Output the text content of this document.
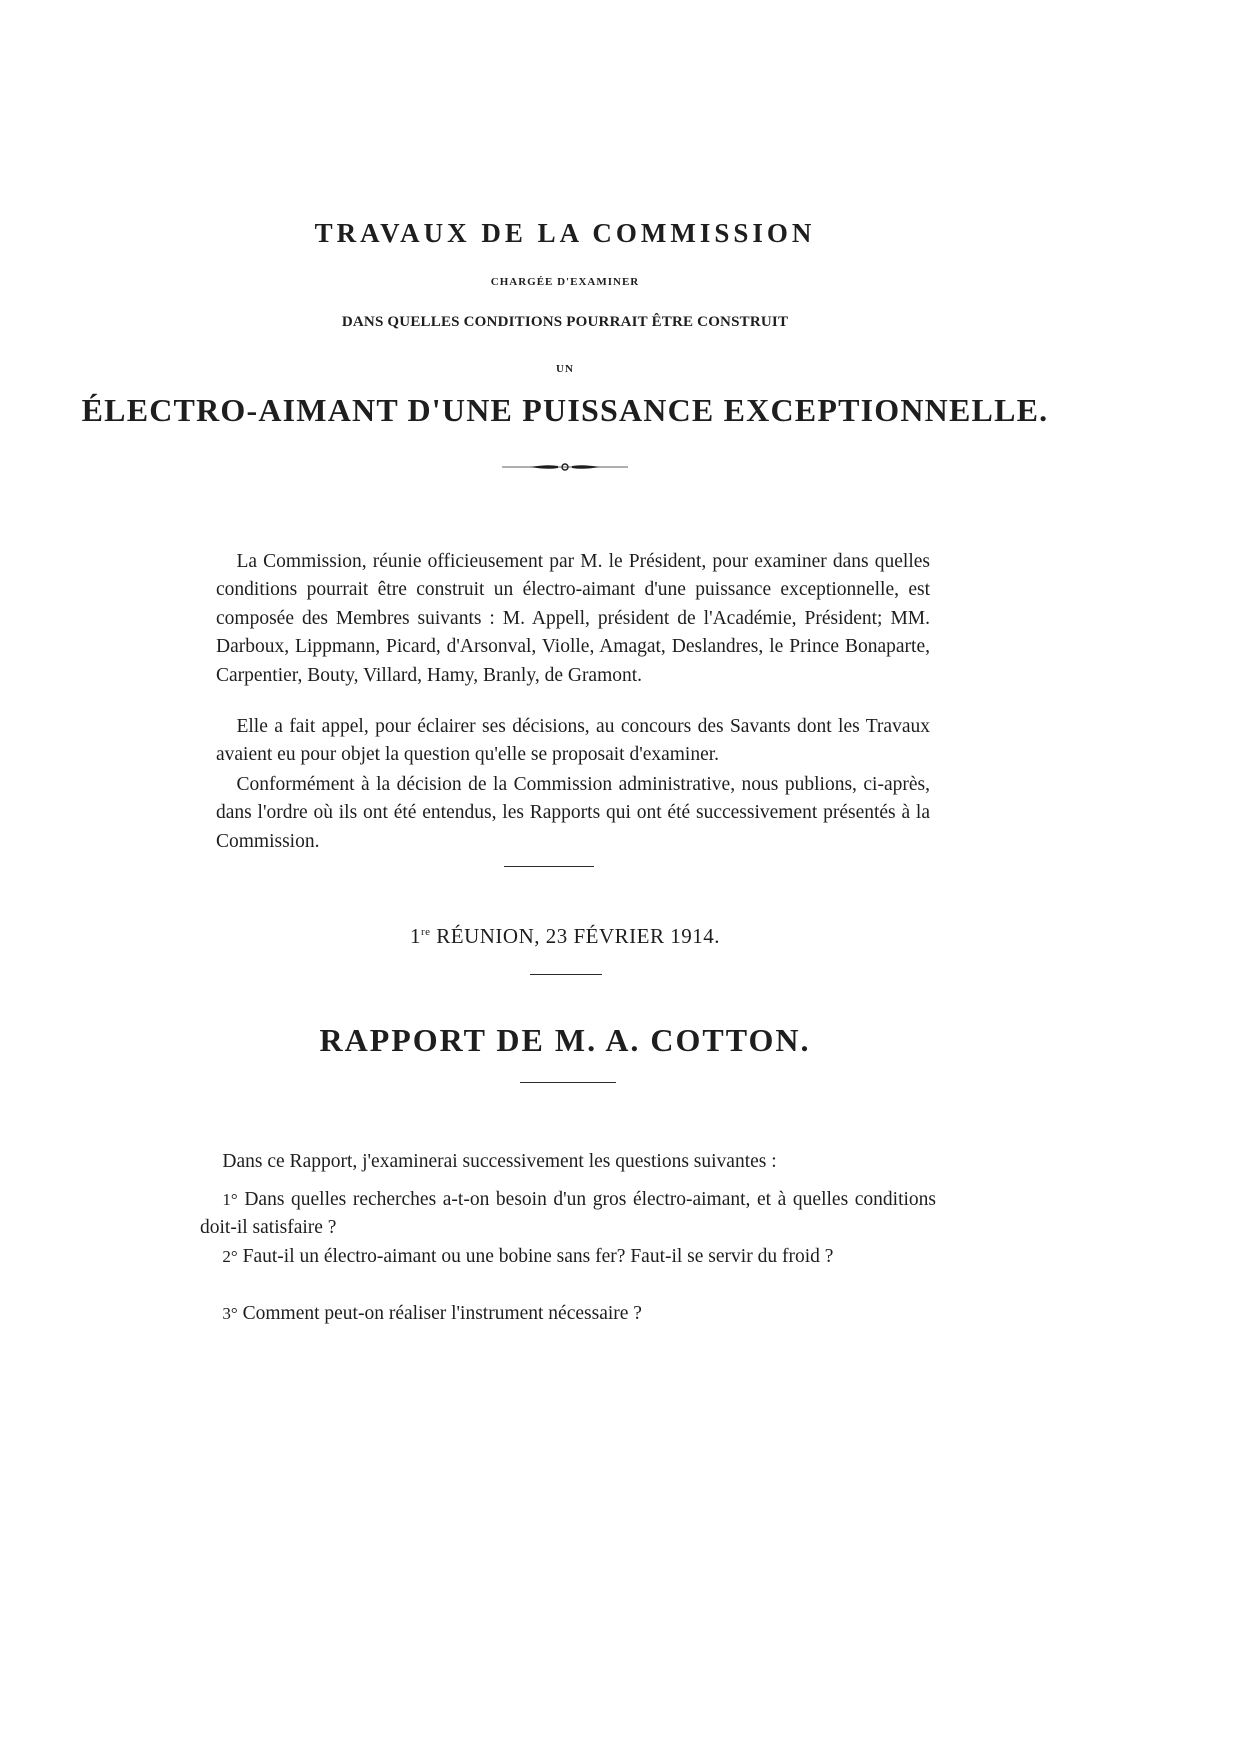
TRAVAUX DE LA COMMISSION
CHARGÉE D'EXAMINER
DANS QUELLES CONDITIONS POURRAIT ÊTRE CONSTRUIT
UN
ÉLECTRO-AIMANT D'UNE PUISSANCE EXCEPTIONNELLE.

La Commission, réunie officieusement par M. le Président, pour examiner dans quelles conditions pourrait être construit un électro-aimant d'une puissance exceptionnelle, est composée des Membres suivants : M. Appell, président de l'Académie, Président; MM. Darboux, Lippmann, Picard, d'Arsonval, Violle, Amagat, Deslandres, le Prince Bonaparte, Carpentier, Bouty, Villard, Hamy, Branly, de Gramont.

Elle a fait appel, pour éclairer ses décisions, au concours des Savants dont les Travaux avaient eu pour objet la question qu'elle se proposait d'examiner.

Conformément à la décision de la Commission administrative, nous publions, ci-après, dans l'ordre où ils ont été entendus, les Rapports qui ont été successivement présentés à la Commission.

1re RÉUNION, 23 FÉVRIER 1914.
RAPPORT DE M. A. COTTON.

Dans ce Rapport, j'examinerai successivement les questions suivantes :

1° Dans quelles recherches a-t-on besoin d'un gros électro-aimant, et à quelles conditions doit-il satisfaire ?

2° Faut-il un électro-aimant ou une bobine sans fer? Faut-il se servir du froid ?

3° Comment peut-on réaliser l'instrument nécessaire ?
